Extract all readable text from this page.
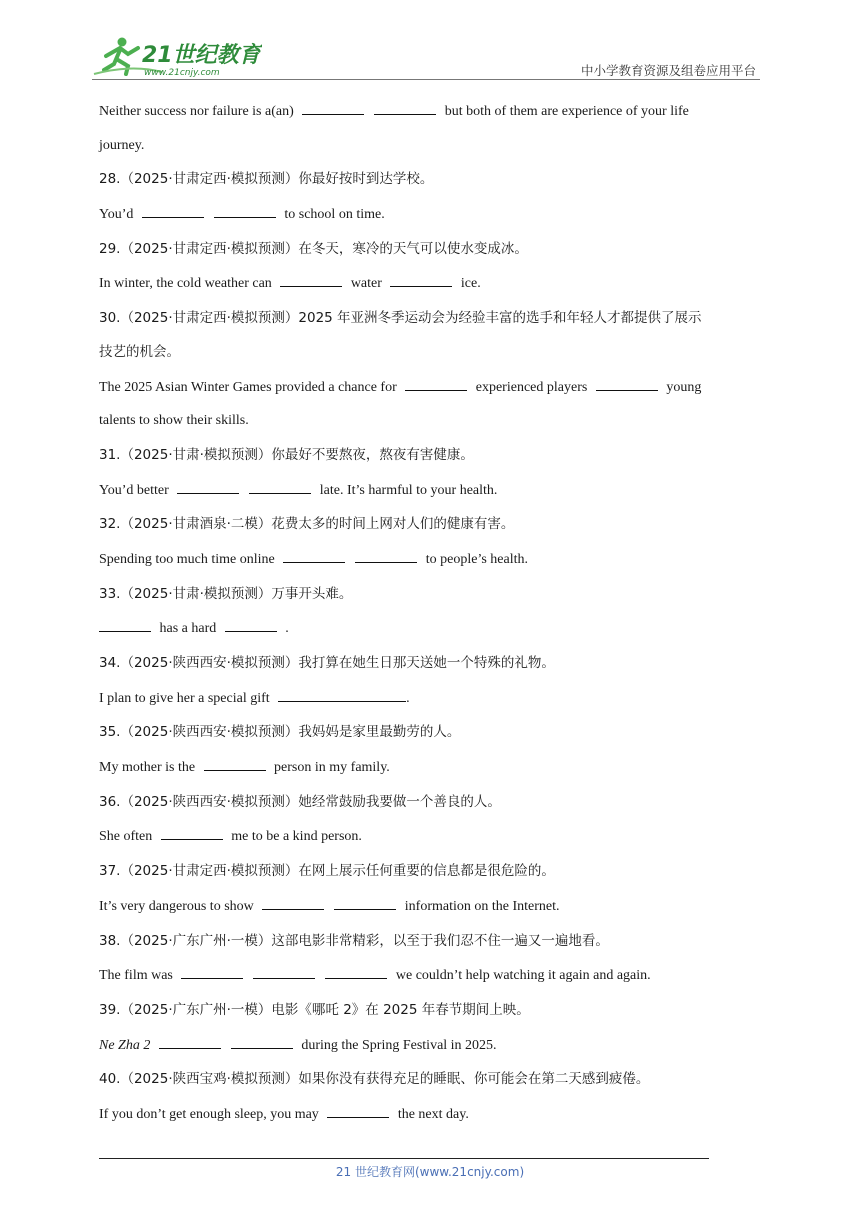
21世纪教育
www.21cnjy.com	中小学教育资源及组卷应用平台

Neither success nor failure is a(an)	but both of them are experience of your life

journey.

28.（2025·甘肃定西·模拟预测）你最好按时到达学校。

You’d	to school on time.

29.（2025·甘肃定西·模拟预测）在冬天，寒冷的天气可以使水变成冰。

In winter, the cold weather can	water	ice.

30.（2025·甘肃定西·模拟预测）2025 年亚洲冬季运动会为经验丰富的选手和年轻人才都提供了展示

技艺的机会。

The 2025 Asian Winter Games provided a chance for	experienced players	young

talents to show their skills.

31.（2025·甘肃·模拟预测）你最好不要熬夜，熬夜有害健康。

You’d better	late. It’s harmful to your health.

32.（2025·甘肃酒泉·二模）花费太多的时间上网对人们的健康有害。

Spending too much time online	to people’s health.

33.（2025·甘肃·模拟预测）万事开头难。

has a hard	.

34.（2025·陕西西安·模拟预测）我打算在她生日那天送她一个特殊的礼物。

I plan to give her a special gift	.

35.（2025·陕西西安·模拟预测）我妈妈是家里最勤劳的人。

My mother is the	person in my family.

36.（2025·陕西西安·模拟预测）她经常鼓励我要做一个善良的人。

She often	me to be a kind person.

37.（2025·甘肃定西·模拟预测）在网上展示任何重要的信息都是很危险的。

It’s very dangerous to show	information on the Internet.

38.（2025·广东广州·一模）这部电影非常精彩，以至于我们忍不住一遍又一遍地看。

The film was	we couldn’t help watching it again and again.

39.（2025·广东广州·一模）电影《哪吒 2》在 2025 年春节期间上映。

Ne Zha 2	during the Spring Festival in 2025.

40.（2025·陕西宝鸡·模拟预测）如果你没有获得充足的睡眠、你可能会在第二天感到疲倦。

If you don’t get enough sleep, you may	the next day.

21 世纪教育网(www.21cnjy.com)
